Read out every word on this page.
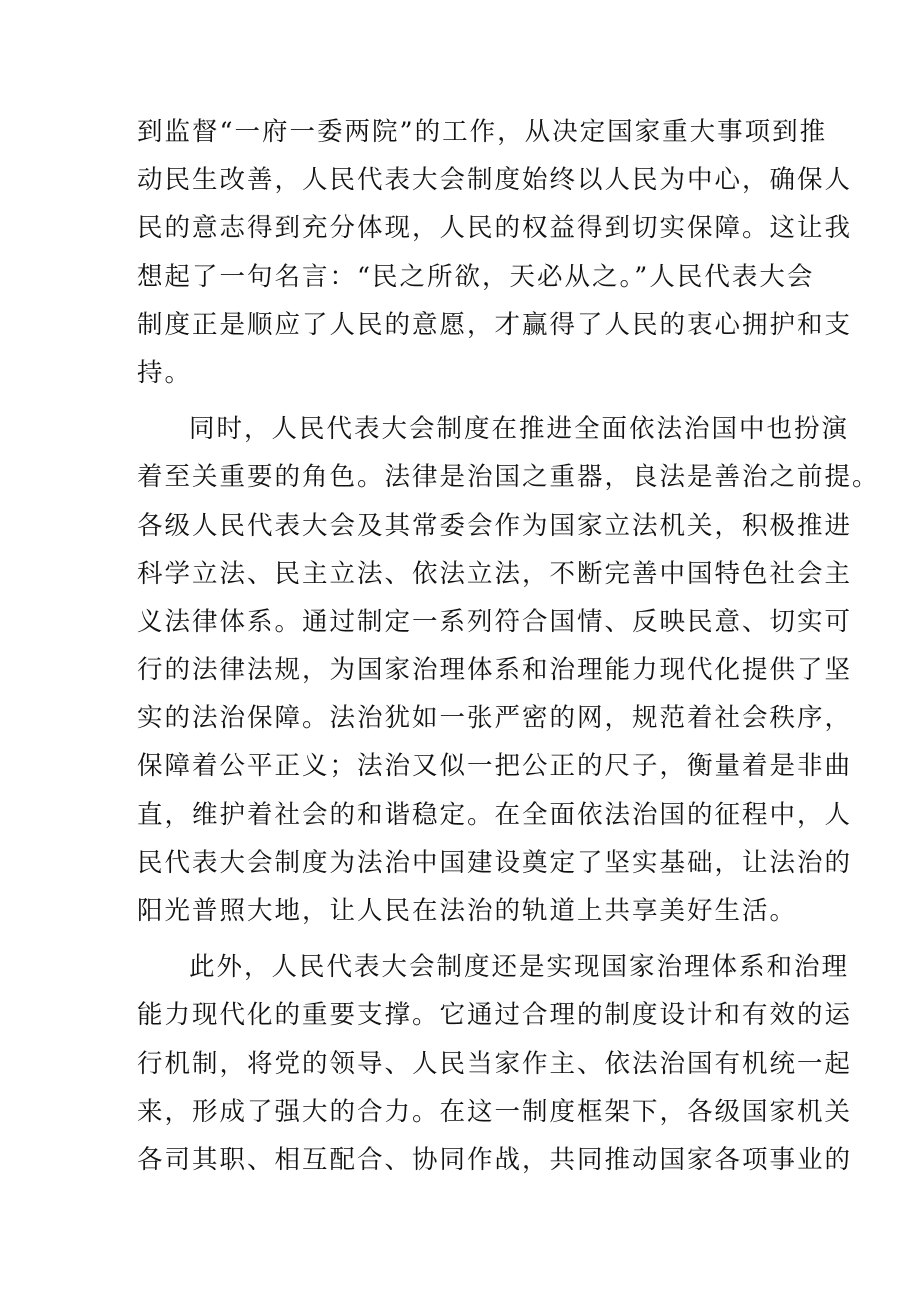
到监督“一府一委两院”的工作，从决定国家重大事项到推
动民生改善，人民代表大会制度始终以人民为中心，确保人
民的意志得到充分体现，人民的权益得到切实保障。这让我
想起了一句名言：“民之所欲，天必从之。”人民代表大会
制度正是顺应了人民的意愿，才赢得了人民的衷心拥护和支
持。
同时，人民代表大会制度在推进全面依法治国中也扮演
着至关重要的角色。法律是治国之重器，良法是善治之前提。
各级人民代表大会及其常委会作为国家立法机关，积极推进
科学立法、民主立法、依法立法，不断完善中国特色社会主
义法律体系。通过制定一系列符合国情、反映民意、切实可
行的法律法规，为国家治理体系和治理能力现代化提供了坚
实的法治保障。法治犹如一张严密的网，规范着社会秩序，
保障着公平正义；法治又似一把公正的尺子，衡量着是非曲
直，维护着社会的和谐稳定。在全面依法治国的征程中，人
民代表大会制度为法治中国建设奠定了坚实基础，让法治的
阳光普照大地，让人民在法治的轨道上共享美好生活。
此外，人民代表大会制度还是实现国家治理体系和治理
能力现代化的重要支撑。它通过合理的制度设计和有效的运
行机制，将党的领导、人民当家作主、依法治国有机统一起
来，形成了强大的合力。在这一制度框架下，各级国家机关
各司其职、相互配合、协同作战，共同推动国家各项事业的
